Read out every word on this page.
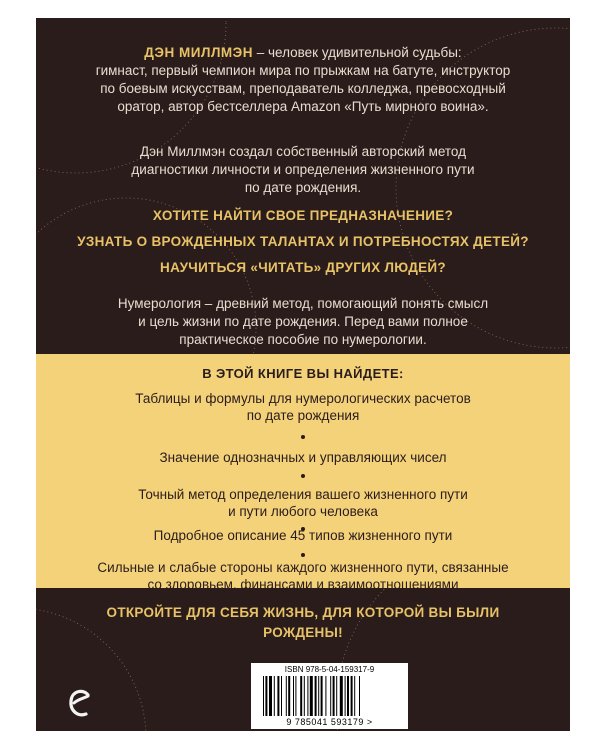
ДЭН МИЛЛМЭН – человек удивительной судьбы:
гимнаст, первый чемпион мира по прыжкам на батуте, инструктор
по боевым искусствам, преподаватель колледжа, превосходный
оратор, автор бестселлера Amazon «Путь мирного воина».
Дэн Миллмэн создал собственный авторский метод
диагностики личности и определения жизненного пути
по дате рождения.
ХОТИТЕ НАЙТИ СВОЕ ПРЕДНАЗНАЧЕНИЕ?
УЗНАТЬ О ВРОЖДЕННЫХ ТАЛАНТАХ И ПОТРЕБНОСТЯХ ДЕТЕЙ?
НАУЧИТЬСЯ «ЧИТАТЬ» ДРУГИХ ЛЮДЕЙ?
Нумерология – древний метод, помогающий понять смысл
и цель жизни по дате рождения. Перед вами полное
практическое пособие по нумерологии.
В ЭТОЙ КНИГЕ ВЫ НАЙДЕТЕ:
Таблицы и формулы для нумерологических расчетов
по дате рождения
Значение однозначных и управляющих чисел
Точный метод определения вашего жизненного пути
и пути любого человека
Подробное описание 45 типов жизненного пути
Сильные и слабые стороны каждого жизненного пути, связанные
со здоровьем, финансами и взаимоотношениями
ОТКРОЙТЕ ДЛЯ СЕБЯ ЖИЗНЬ, ДЛЯ КОТОРОЙ ВЫ БЫЛИ
РОЖДЕНЫ!
ISBN 978-5-04-159317-9
9 785041 593179 >
